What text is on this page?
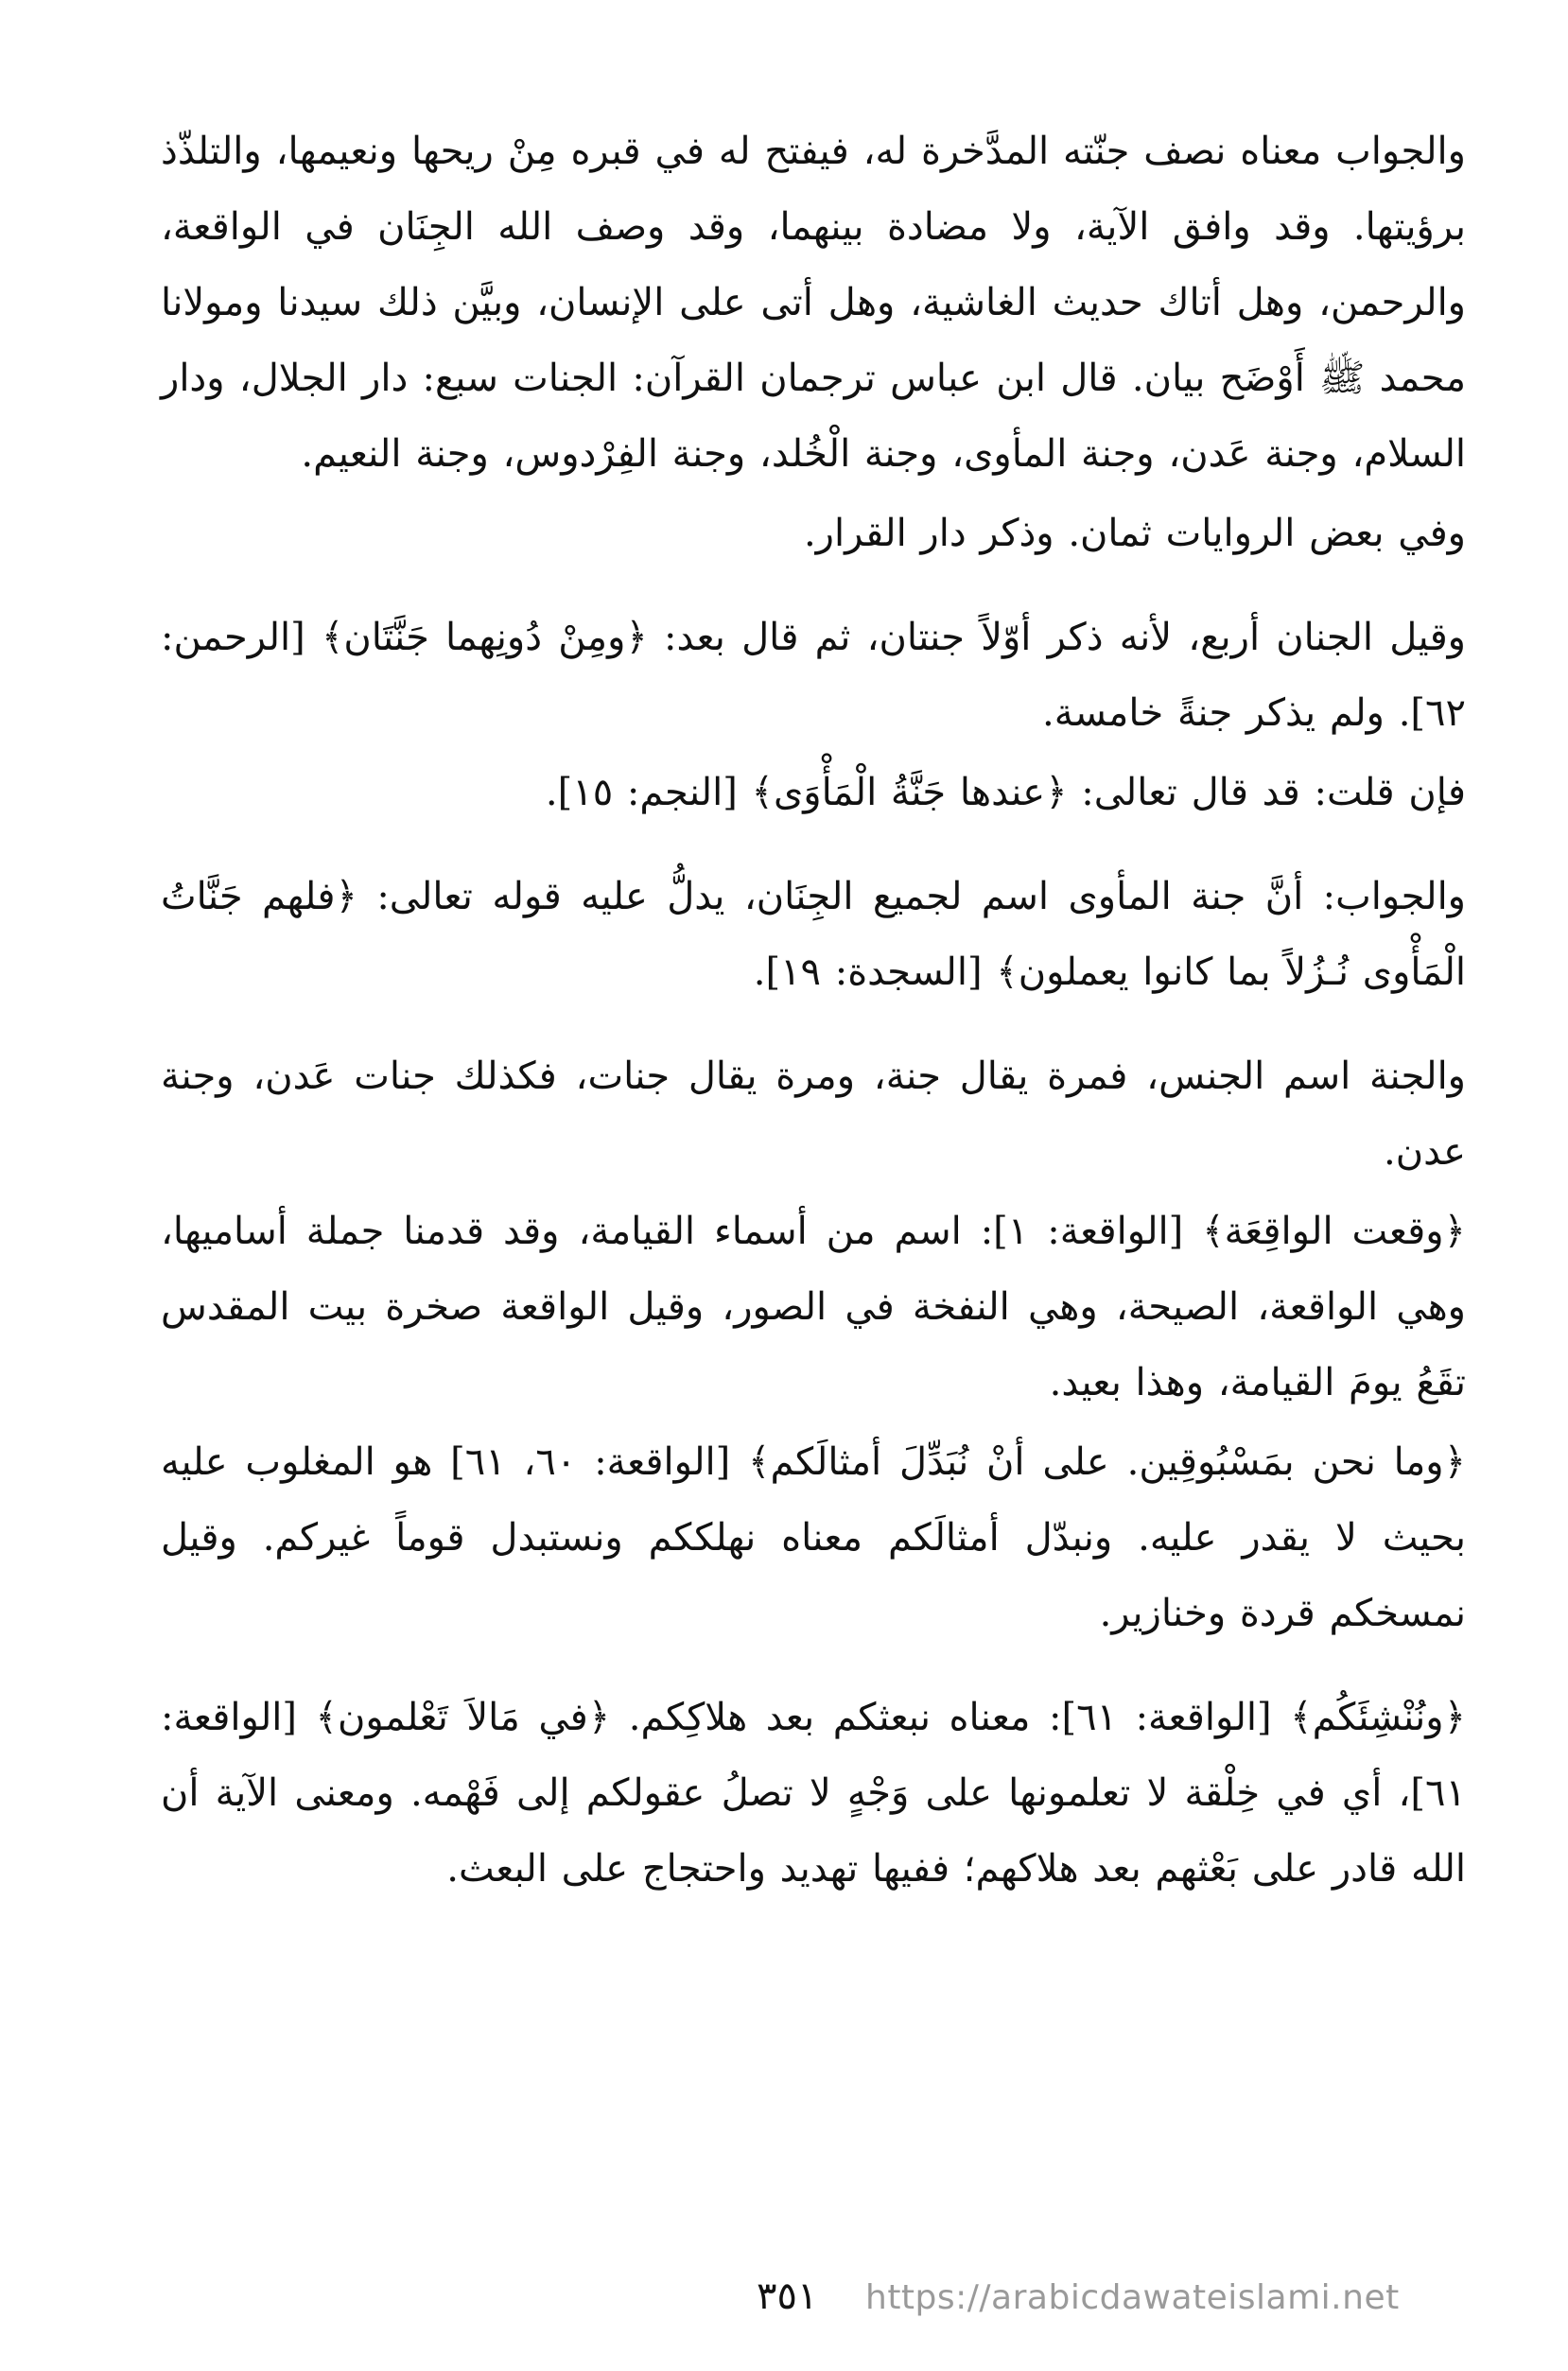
والجواب معناه نصف جنّته المدَّخرة له، فيفتح له في قبره مِنْ ريحها ونعيمها، والتلذّذ برؤيتها. وقد وافق الآية، ولا مضادة بينهما، وقد وصف الله الجِنَان في الواقعة، والرحمن، وهل أتاك حديث الغاشية، وهل أتى على الإنسان، وبيَّن ذلك سيدنا ومولانا محمد ﷺ أَوْضَح بيان. قال ابن عباس ترجمان القرآن: الجنات سبع: دار الجلال، ودار السلام، وجنة عَدن، وجنة المأوى، وجنة الْخُلد، وجنة الفِرْدوس، وجنة النعيم.

وفي بعض الروايات ثمان. وذكر دار القرار.

وقيل الجنان أربع، لأنه ذكر أوّلاً جنتان، ثم قال بعد: ﴿ومِنْ دُونِهما جَنَّتَان﴾ [الرحمن: ٦٢]. ولم يذكر جنةً خامسة.

فإن قلت: قد قال تعالى: ﴿عندها جَنَّةُ الْمَأْوَى﴾ [النجم: ١٥].

والجواب: أنَّ جنة المأوى اسم لجميع الجِنَان، يدلُّ عليه قوله تعالى: ﴿فلهم جَنَّاتُ الْمَأْوى نُـزُلاً بما كانوا يعملون﴾ [السجدة: ١٩].

والجنة اسم الجنس، فمرة يقال جنة، ومرة يقال جنات، فكذلك جنات عَدن، وجنة عدن.

﴿وقعت الواقِعَة﴾ [الواقعة: ١]: اسم من أسماء القيامة، وقد قدمنا جملة أساميها، وهي الواقعة، الصيحة، وهي النفخة في الصور، وقيل الواقعة صخرة بيت المقدس تقَعُ يومَ القيامة، وهذا بعيد.

﴿وما نحن بمَسْبُوقِين. على أنْ نُبَدِّلَ أمثالَكم﴾ [الواقعة: ٦٠، ٦١] هو المغلوب عليه بحيث لا يقدر عليه. ونبدّل أمثالَكم معناه نهلككم ونستبدل قوماً غيركم. وقيل نمسخكم قردة وخنازير.

﴿ونُنْشِئَكُم﴾ [الواقعة: ٦١]: معناه نبعثكم بعد هلاكِكم. ﴿في مَالاَ تَعْلمون﴾ [الواقعة: ٦١]، أي في خِلْقة لا تعلمونها على وَجْهٍ لا تصلُ عقولكم إلى فَهْمه. ومعنى الآية أن الله قادر على بَعْثهم بعد هلاكهم؛ ففيها تهديد واحتجاج على البعث.

٣٥١ https://arabicdawateislami.net
